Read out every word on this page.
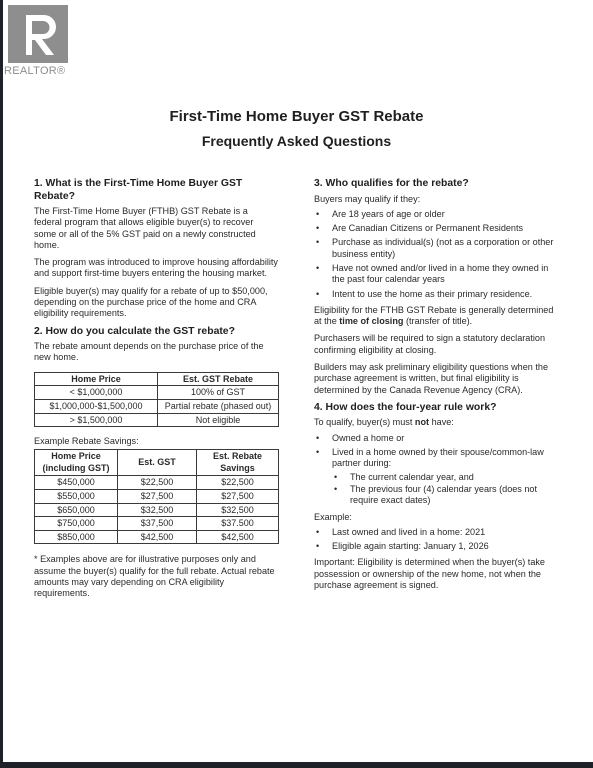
REALTOR®
First-Time Home Buyer GST Rebate
Frequently Asked Questions
1. What is the First-Time Home Buyer GST Rebate?

The First-Time Home Buyer (FTHB) GST Rebate is a federal program that allows eligible buyer(s) to recover some or all of the 5% GST paid on a newly constructed home.

The program was introduced to improve housing affordability and support first-time buyers entering the housing market.

Eligible buyer(s) may qualify for a rebate of up to $50,000, depending on the purchase price of the home and CRA eligibility requirements.

2. How do you calculate the GST rebate?

The rebate amount depends on the purchase price of the new home.

Home Price	Est. GST Rebate
< $1,000,000	100% of GST
$1,000,000-$1,500,000	Partial rebate (phased out)
> $1,500,000	Not eligible

Example Rebate Savings:

Home Price (including GST)	Est. GST	Est. Rebate Savings
$450,000	$22,500	$22,500
$550,000	$27,500	$27,500
$650,000	$32,500	$32,500
$750,000	$37,500	$37.500
$850,000	$42,500	$42,500

* Examples above are for illustrative purposes only and assume the buyer(s) qualify for the full rebate. Actual rebate amounts may vary depending on CRA eligibility requirements.

3. Who qualifies for the rebate?

Buyers may qualify if they:

• Are 18 years of age or older
• Are Canadian Citizens or Permanent Residents
• Purchase as individual(s) (not as a corporation or other business entity)
• Have not owned and/or lived in a home they owned in the past four calendar years
• Intent to use the home as their primary residence.

Eligibility for the FTHB GST Rebate is generally determined at the time of closing (transfer of title).

Purchasers will be required to sign a statutory declaration confirming eligibility at closing.

Builders may ask preliminary eligibility questions when the purchase agreement is written, but final eligibility is determined by the Canada Revenue Agency (CRA).

4. How does the four-year rule work?

To qualify, buyer(s) must not have:

• Owned a home or
• Lived in a home owned by their spouse/common-law partner during:
• The current calendar year, and
• The previous four (4) calendar years (does not require exact dates)

Example:

• Last owned and lived in a home: 2021
• Eligible again starting: January 1, 2026

Important: Eligibility is determined when the buyer(s) take possession or ownership of the new home, not when the purchase agreement is signed.
